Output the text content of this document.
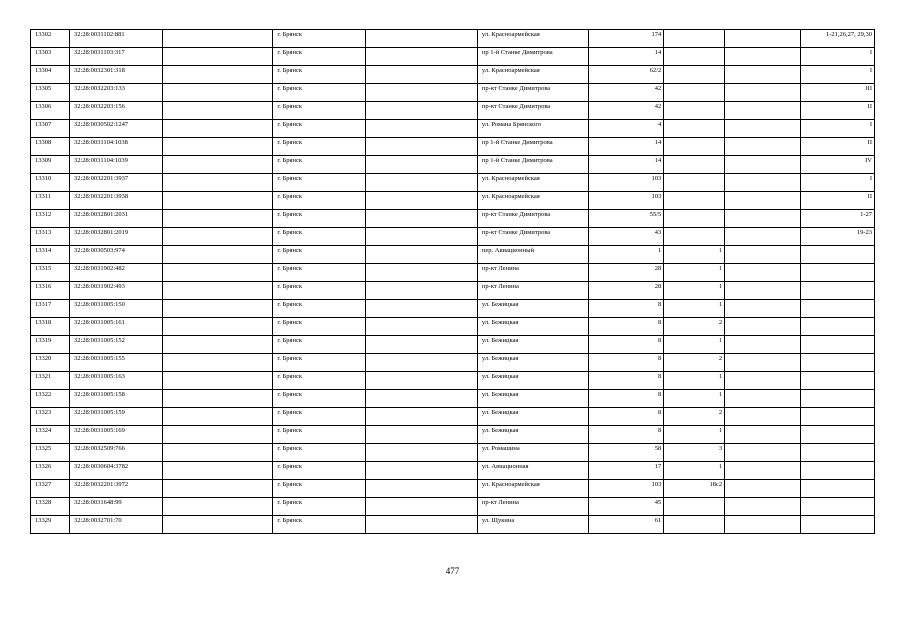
13302	32:28:0031102:881		г. Брянск		ул. Красноармейская	174			1-21,26,27, 29,30
13303	32:28:0031103:317		г. Брянск		пр 1-й Станке Димитрова	14			I
13304	32:28:0032301:318		г. Брянск		ул. Красноармейская	62/2			I
13305	32:28:0032203:133		г. Брянск		пр-кт Станке Димитрова	42			III
13306	32:28:0032203:156		г. Брянск		пр-кт Станке Димитрова	42			II
13307	32:28:0030502:1247		г. Брянск		ул. Романа Брянского	4			I
13308	32:28:0031104:1038		г. Брянск		пр 1-й Станке Димитрова	14			II
13309	32:28:0031104:1039		г. Брянск		пр 1-й Станке Димитрова	14			IV
13310	32:28:0032201:3937		г. Брянск		ул. Красноармейская	103			I
13311	32:28:0032201:3938		г. Брянск		ул. Красноармейская	103			II
13312	32:28:0032801:2031		г. Брянск		пр-кт Станке Димитрова	55/5			1-27
13313	32:28:0032801:2019		г. Брянск		пр-кт Станке Димитрова	43			19-23
13314	32:28:0030503:974		г. Брянск		пер. Авиационный	1	1		
13315	32:28:0031902:482		г. Брянск		пр-кт Ленина	28	1		
13316	32:28:0031902:493		г. Брянск		пр-кт Ленина	28	1		
13317	32:28:0031005:150		г. Брянск		ул. Бежицкая	8	1		
13318	32:28:0031005:161		г. Брянск		ул. Бежицкая	8	2		
13319	32:28:0031005:152		г. Брянск		ул. Бежицкая	8	1		
13320	32:28:0031005:155		г. Брянск		ул. Бежицкая	8	2		
13321	32:28:0031005:163		г. Брянск		ул. Бежицкая	8	1		
13322	32:28:0031005:158		г. Брянск		ул. Бежицкая	8	1		
13323	32:28:0031005:159		г. Брянск		ул. Бежицкая	8	2		
13324	32:28:0031005:169		г. Брянск		ул. Бежицкая	8	1		
13325	32:28:0032509:766		г. Брянск		ул. Ромашина	58	3		
13326	32:28:0030604:3782		г. Брянск		ул. Авиационная	17	1		
13327	32:28:0032201:3972		г. Брянск		ул. Красноармейская	103	18с2		
13328	32:28:0031648:99		г. Брянск		пр-кт Ленина	45			
13329	32:28:0032701:70		г. Брянск		ул. Щукина	61			
477
